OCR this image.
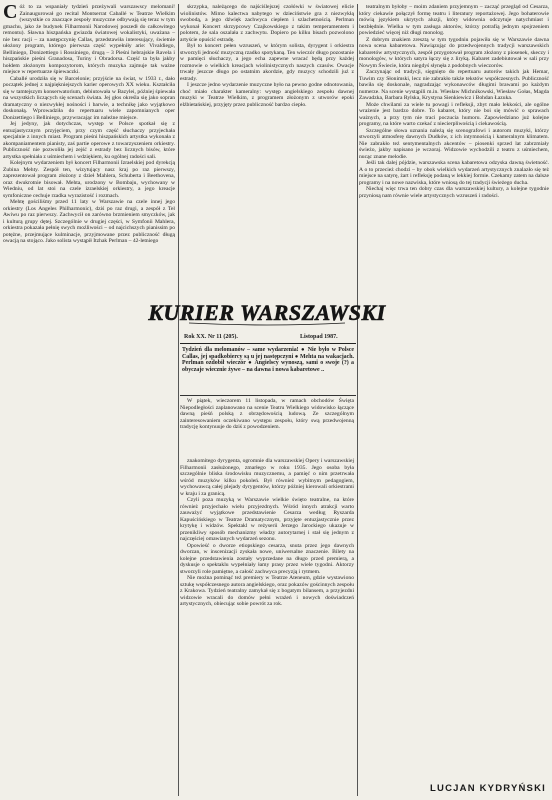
Cóż to za wspaniały tydzień przeżywali warszawscy melomani! Zainaugurował go recital Montserrat Caballé w Teatrze Wielkim (wszystkie co znaczące zespoły muzyczne odbywają się teraz w tym gmachu, jako że budynek Filharmonii Narodowej poszedł do całkowitego remontu). Sławna hiszpańska gwiazda światowej wokalistyki, uważana – nie bez racji – za następczynię Callas, przedstawiła interesujący, świetnie ułożony program, którego pierwsza część wypełniły arie: Vivaldiego, Belliniego, Donizettiego i Rossiniego, drugą – 3 Pieśni hebrajskie Ravela i hiszpańskie pieśni Granadosa, Turiny i Obradorsa. Część ta była jakby hołdem złożonym kompozytorom, których muzyka zajmuje tak ważne miejsce w repertuarze śpiewaczki.

Caballé urodziła się w Barcelonie; przyjście na świat, w 1933 r., dało początek jednej z najpiękniejszych karier operowych XX wieku. Kształciła się w tamtejszym konserwatorium, debiutowała w Bazylei, później śpiewała na wszystkich liczących się scenach świata. Jej głos określa się jako sopran dramatyczny o niezwykłej nośności i barwie, a technikę jako wyjątkowo doskonałą. Wprowadziła do repertuaru wiele zapomnianych oper Donizettiego i Belliniego, przywracając im należne miejsce.

Jej jedyny, jak dotychczas, występ w Polsce spotkał się z entuzjastycznym przyjęciem, przy czym część słuchaczy przyjechała specjalnie z innych miast. Program pieśni hiszpańskich artystka wykonała z akompaniamentem pianisty, zaś partie operowe z towarzyszeniem orkiestry. Publiczność nie pozwoliła jej zejść z estrady bez licznych bisów, które artystka spełniała z uśmiechem i wdziękiem, ku ogólnej radości sali.

Kolejnym wydarzeniem był koncert Filharmonii Izraelskiej pod dyrekcją Zubina Mehty. Zespół ten, wizytujący nasz kraj po raz pierwszy, zaprezentował program złożony z dzieł Mahlera, Schuberta i Beethovena, oraz dwukrotnie bisował. Mehta, urodzony w Bombaju, wychowany w Wiedniu, od lat stoi na czele izraelskiej orkiestry, a jego kreacje symfoniczne cechuje rzadka wyrazistość i rozmach.

Mehtę gościliśmy przed 11 laty w Warszawie na czele innej jego orkiestry (Los Angeles Philharmonic), dziś po raz drugi, a zespół z Tel Awiwu po raz pierwszy. Zachwycił on zarówno brzmieniem smyczków, jak i kulturą grupy dętej. Szczególnie w drugiej części, w Symfonii Mahlera, orkiestra pokazała pełnię swych możliwości – od najcichszych pianissim po potężne, przejmujące kulminacje, przyjmowane przez publiczność długą owacją na stojąco. Jako solista wystąpił Itzhak Perlman – 42-letniego

skrzypka, należącego do najściślejszej czołówki w światowej elicie wiolinistów. Mimo kalectwa nabytego w dzieciństwie gra z niezwykłą swobodą, a jego dźwięk zachwyca ciepłem i szlachetnością. Perlman wykonał Koncert skrzypcowy Czajkowskiego z takim temperamentem i polotem, że sala oszalała z zachwytu. Dopiero po kilku bisach pozwolono artyście opuścić estradę.

Był to koncert pełen wzruszeń, w którym solista, dyrygent i orkiestra stworzyli jedność muzyczną rzadko spotykaną. Ten wieczór długo pozostanie w pamięci słuchaczy, a jego echa zapewne wracać będą przy każdej rozmowie o wielkich kreacjach wiolinistycznych naszych czasów. Owacje trwały jeszcze długo po ostatnim akordzie, gdy muzycy schodzili już z estrady.

I jeszcze jedno wydarzenie muzyczne było na pewno godne odnotowania, choć miało charakter kameralny: występ angielskiego zespołu dawnej muzyki w Teatrze Wielkim, z programem złożonym z utworów epoki elżbietańskiej, przyjęty przez publiczność bardzo ciepło.

KURIER WARSZAWSKI
Rok XX. Nr 11 (205).	Listopad 1987.
Tydzień dla melomanów – same wydarzenia! ● Nie było w Polsce Callas, jej spadkobiercy są u jej następczyni ● Mehta na wakacjach. Perlman ozdobił wieczór ● Angielscy wynoszą, sami o swoje (?) a obyczaje wiecznie żywe – na dawna i nowa kabaretowe ..

W piątek, wieczorem 11 listopada, w ramach obchodów Święta Niepodległości zaplanowano na scenie Teatru Wielkiego widowisko łączące dawną pieśń polską z obrzędowością ludową. Ze szczególnym zainteresowaniem oczekiwano występu zespołu, który swą przedwojenną tradycję kontynuuje do dziś z powodzeniem.

znakomitego dyrygenta, ogromnie dla warszawskiej Opery i warszawskiej Filharmonii zasłużonego, zmarłego w roku 1935. Jego osoba była szczególnie bliska środowisku muzycznemu, a pamięć o nim przetrwała wśród muzyków kilku pokoleń. Był również wybitnym pedagogiem, wychowawcą całej plejady dyrygentów, którzy później kierowali orkiestrami w kraju i za granicą.

Czyli poza muzyką w Warszawie wielkie święto teatralne, na które również przyjechało wielu przyjezdnych. Wśród innych atrakcji warto zauważyć wyjątkowe przedstawienie Cesarza według Ryszarda Kapuścińskiego w Teatrze Dramatycznym, przyjęte entuzjastycznie przez krytykę i widzów. Spektakl w reżyserii Jerzego Jarockiego ukazuje w przenikliwy sposób mechanizmy władzy autorytarnej i stał się jednym z najczęściej omawianych wydarzeń sezonu.

Opowieść o dworze etiopskiego cesarza, snuta przez jego dawnych dworzan, w inscenizacji zyskała nowe, uniwersalne znaczenie. Bilety na kolejne przedstawienia zostały wyprzedane na długo przed premierą, a dyskusje o spektaklu wypełniały łamy prasy przez wiele tygodni. Aktorzy stworzyli role pamiętne, a całość zachwyca precyzją i rytmem.

Nie można pominąć też premiery w Teatrze Ateneum, gdzie wystawiono sztukę współczesnego autora angielskiego, oraz pokazów gościnnych zespołu z Krakowa. Tydzień teatralny zamykał się z bogatym bilansem, a przyjezdni widzowie wracali do domów pełni wrażeń i nowych doświadczeń artystycznych, obiecując sobie powrót za rok.

teatralnym byłoby – moim zdaniem przyjemnym – zacząć przegląd od Cesarza, który ciekawie połączył formę teatru i literatury reportażowej. Jego bohaterowie mówią językiem ukrytych aluzji, który widownia odczytuje natychmiast i bezbłędnie. Wielka w tym zasługa aktorów, którzy potrafią jednym spojrzeniem powiedzieć więcej niż długi monolog.

Z dobrym znakiem zresztą w tym tygodniu pojawiła się w Warszawie dawna nowa scena kabaretowa. Nawiązując do przedwojennych tradycji warszawskich kabaretów artystycznych, zespół przygotował program złożony z piosenek, skeczy i monologów, w których satyra łączy się z liryką. Kabaret zadebiutował w sali przy Nowym Świecie, która niegdyś słynęła z podobnych wieczorów.

Zaczynając od tradycji, sięgnięto do repertuaru autorów takich jak Hemar, Tuwim czy Słonimski, lecz nie zabrakło także tekstów współczesnych. Publiczność bawiła się doskonale, nagradzając wykonawców długimi brawami po każdym numerze. Na scenie wystąpili m.in. Wiesław Michnikowski, Wiesław Gołas, Magda Zawadzka, Barbara Rylska, Krystyna Sienkiewicz i Bohdan Łazuka.

Może chwilami za wiele tu powagi i refleksji, zbyt mało lekkości, ale ogólne wrażenie jest bardzo dobre. To kabaret, który nie boi się mówić o sprawach ważnych, a przy tym nie traci poczucia humoru. Zapowiedziano już kolejne programy, na które warto czekać z niecierpliwością i ciekawością.

Szczególne słowa uznania należą się scenografowi i autorom muzyki, którzy stworzyli atmosferę dawnych Dudków, z ich intymnością i kameralnym klimatem. Nie zabrakło też sentymentalnych akcentów – piosenki sprzed lat zabrzmiały świeżo, jakby napisano je wczoraj. Widzowie wychodzili z teatru z uśmiechem, nucąc znane melodie.

Jeśli tak dalej pójdzie, warszawska scena kabaretowa odzyska dawną świetność. A o to przecież chodzi – by obok wielkich wydarzeń artystycznych znalazło się też miejsce na satyrę, żart i refleksję podaną w lekkiej formie. Czekamy zatem na dalsze programy i na nowe nazwiska, które wniosą do tej tradycji świeżego ducha.

Niechaj więc trwa ten dobry czas dla warszawskiej kultury, a kolejne tygodnie przyniosą nam równie wiele artystycznych wzruszeń i radości.

LUCJAN KYDRYŃSKI
